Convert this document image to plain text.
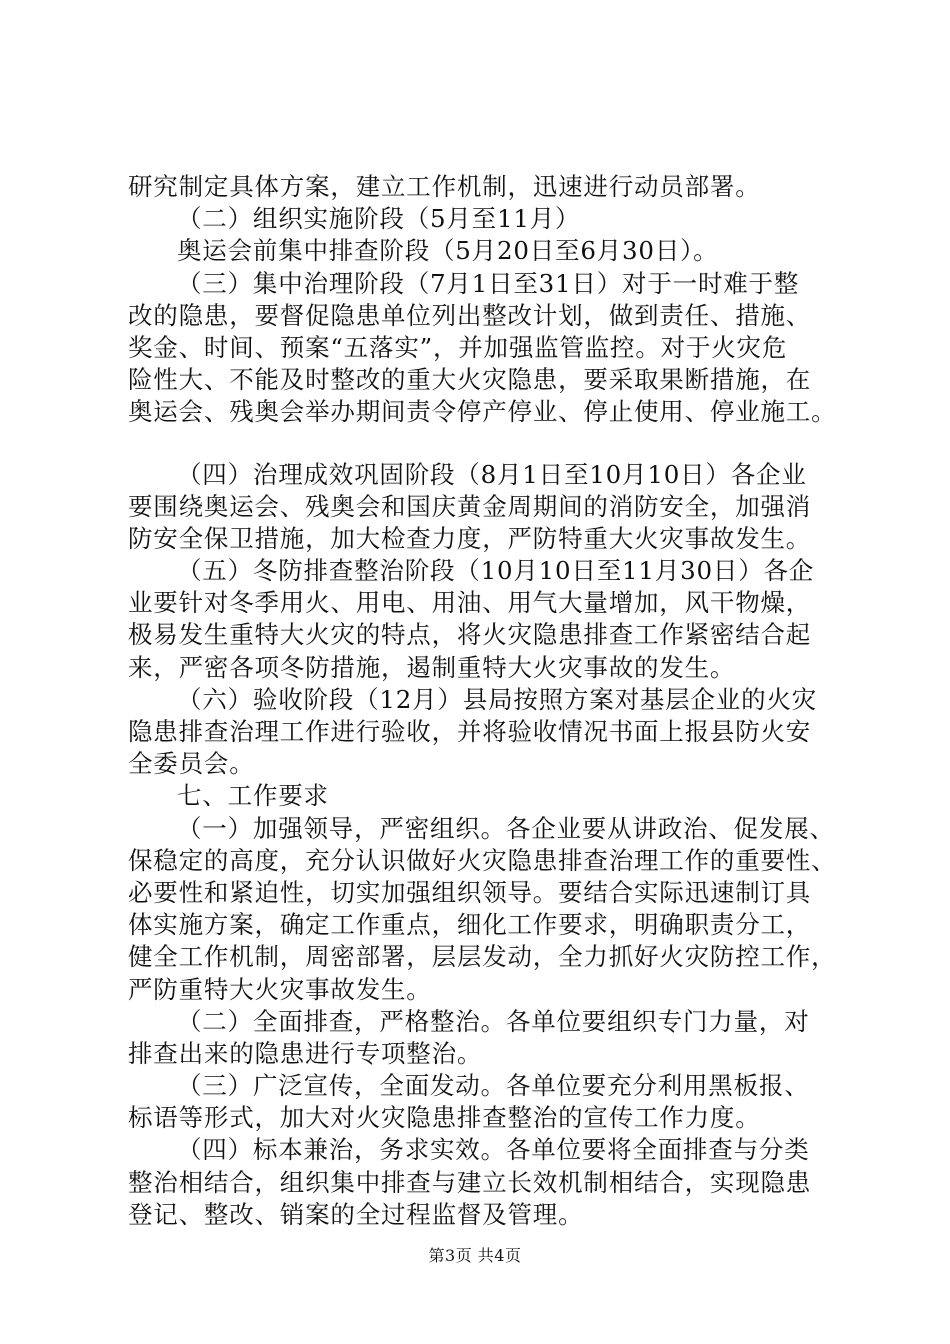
研究制定具体方案，建立工作机制，迅速进行动员部署。
（二）组织实施阶段（5月至11月）
奥运会前集中排查阶段（5月20日至6月30日）。
（三）集中治理阶段（7月1日至31日）对于一时难于整
改的隐患，要督促隐患单位列出整改计划，做到责任、措施、
奖金、时间、预案“五落实”，并加强监管监控。对于火灾危
险性大、不能及时整改的重大火灾隐患，要采取果断措施，在
奥运会、残奥会举办期间责令停产停业、停止使用、停业施工。
（四）治理成效巩固阶段（8月1日至10月10日）各企业
要围绕奥运会、残奥会和国庆黄金周期间的消防安全，加强消
防安全保卫措施，加大检查力度，严防特重大火灾事故发生。
（五）冬防排查整治阶段（10月10日至11月30日）各企
业要针对冬季用火、用电、用油、用气大量增加，风干物燥，
极易发生重特大火灾的特点，将火灾隐患排查工作紧密结合起
来，严密各项冬防措施，遏制重特大火灾事故的发生。
（六）验收阶段（12月）县局按照方案对基层企业的火灾
隐患排查治理工作进行验收，并将验收情况书面上报县防火安
全委员会。
七、工作要求
（一）加强领导，严密组织。各企业要从讲政治、促发展、
保稳定的高度，充分认识做好火灾隐患排查治理工作的重要性、
必要性和紧迫性，切实加强组织领导。要结合实际迅速制订具
体实施方案，确定工作重点，细化工作要求，明确职责分工，
健全工作机制，周密部署，层层发动，全力抓好火灾防控工作，
严防重特大火灾事故发生。
（二）全面排查，严格整治。各单位要组织专门力量，对
排查出来的隐患进行专项整治。
（三）广泛宣传，全面发动。各单位要充分利用黑板报、
标语等形式，加大对火灾隐患排查整治的宣传工作力度。
（四）标本兼治，务求实效。各单位要将全面排查与分类
整治相结合，组织集中排查与建立长效机制相结合，实现隐患
登记、整改、销案的全过程监督及管理。
第3页 共4页
